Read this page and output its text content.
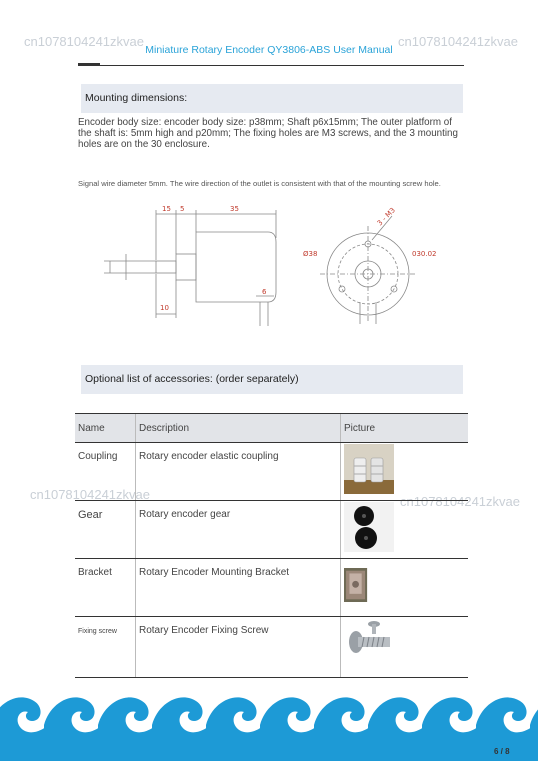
cn1078104241zkvae	cn1078104241zkvae
cn1078104241zkvae	cn1078104241zkvae
Miniature Rotary Encoder QY3806-ABS User Manual
Mounting dimensions:
Encoder body size: encoder body size: p38mm; Shaft p6x15mm; The outer platform of the shaft is: 5mm high and p20mm; The fixing holes are M3 screws, and the 3 mounting holes are on the 30 enclosure.
Signal wire diameter 5mm. The wire direction of the outlet is consistent with that of the mounting screw hole.
15 5	35
10
6
Ø38
3 - M3
030.02
Optional list of accessories: (order separately)
Name	Description	Picture
Coupling	Rotary encoder elastic coupling	
Gear	Rotary encoder gear	
Bracket	Rotary Encoder Mounting Bracket	
Fixing screw	Rotary Encoder Fixing Screw	
6 / 8
